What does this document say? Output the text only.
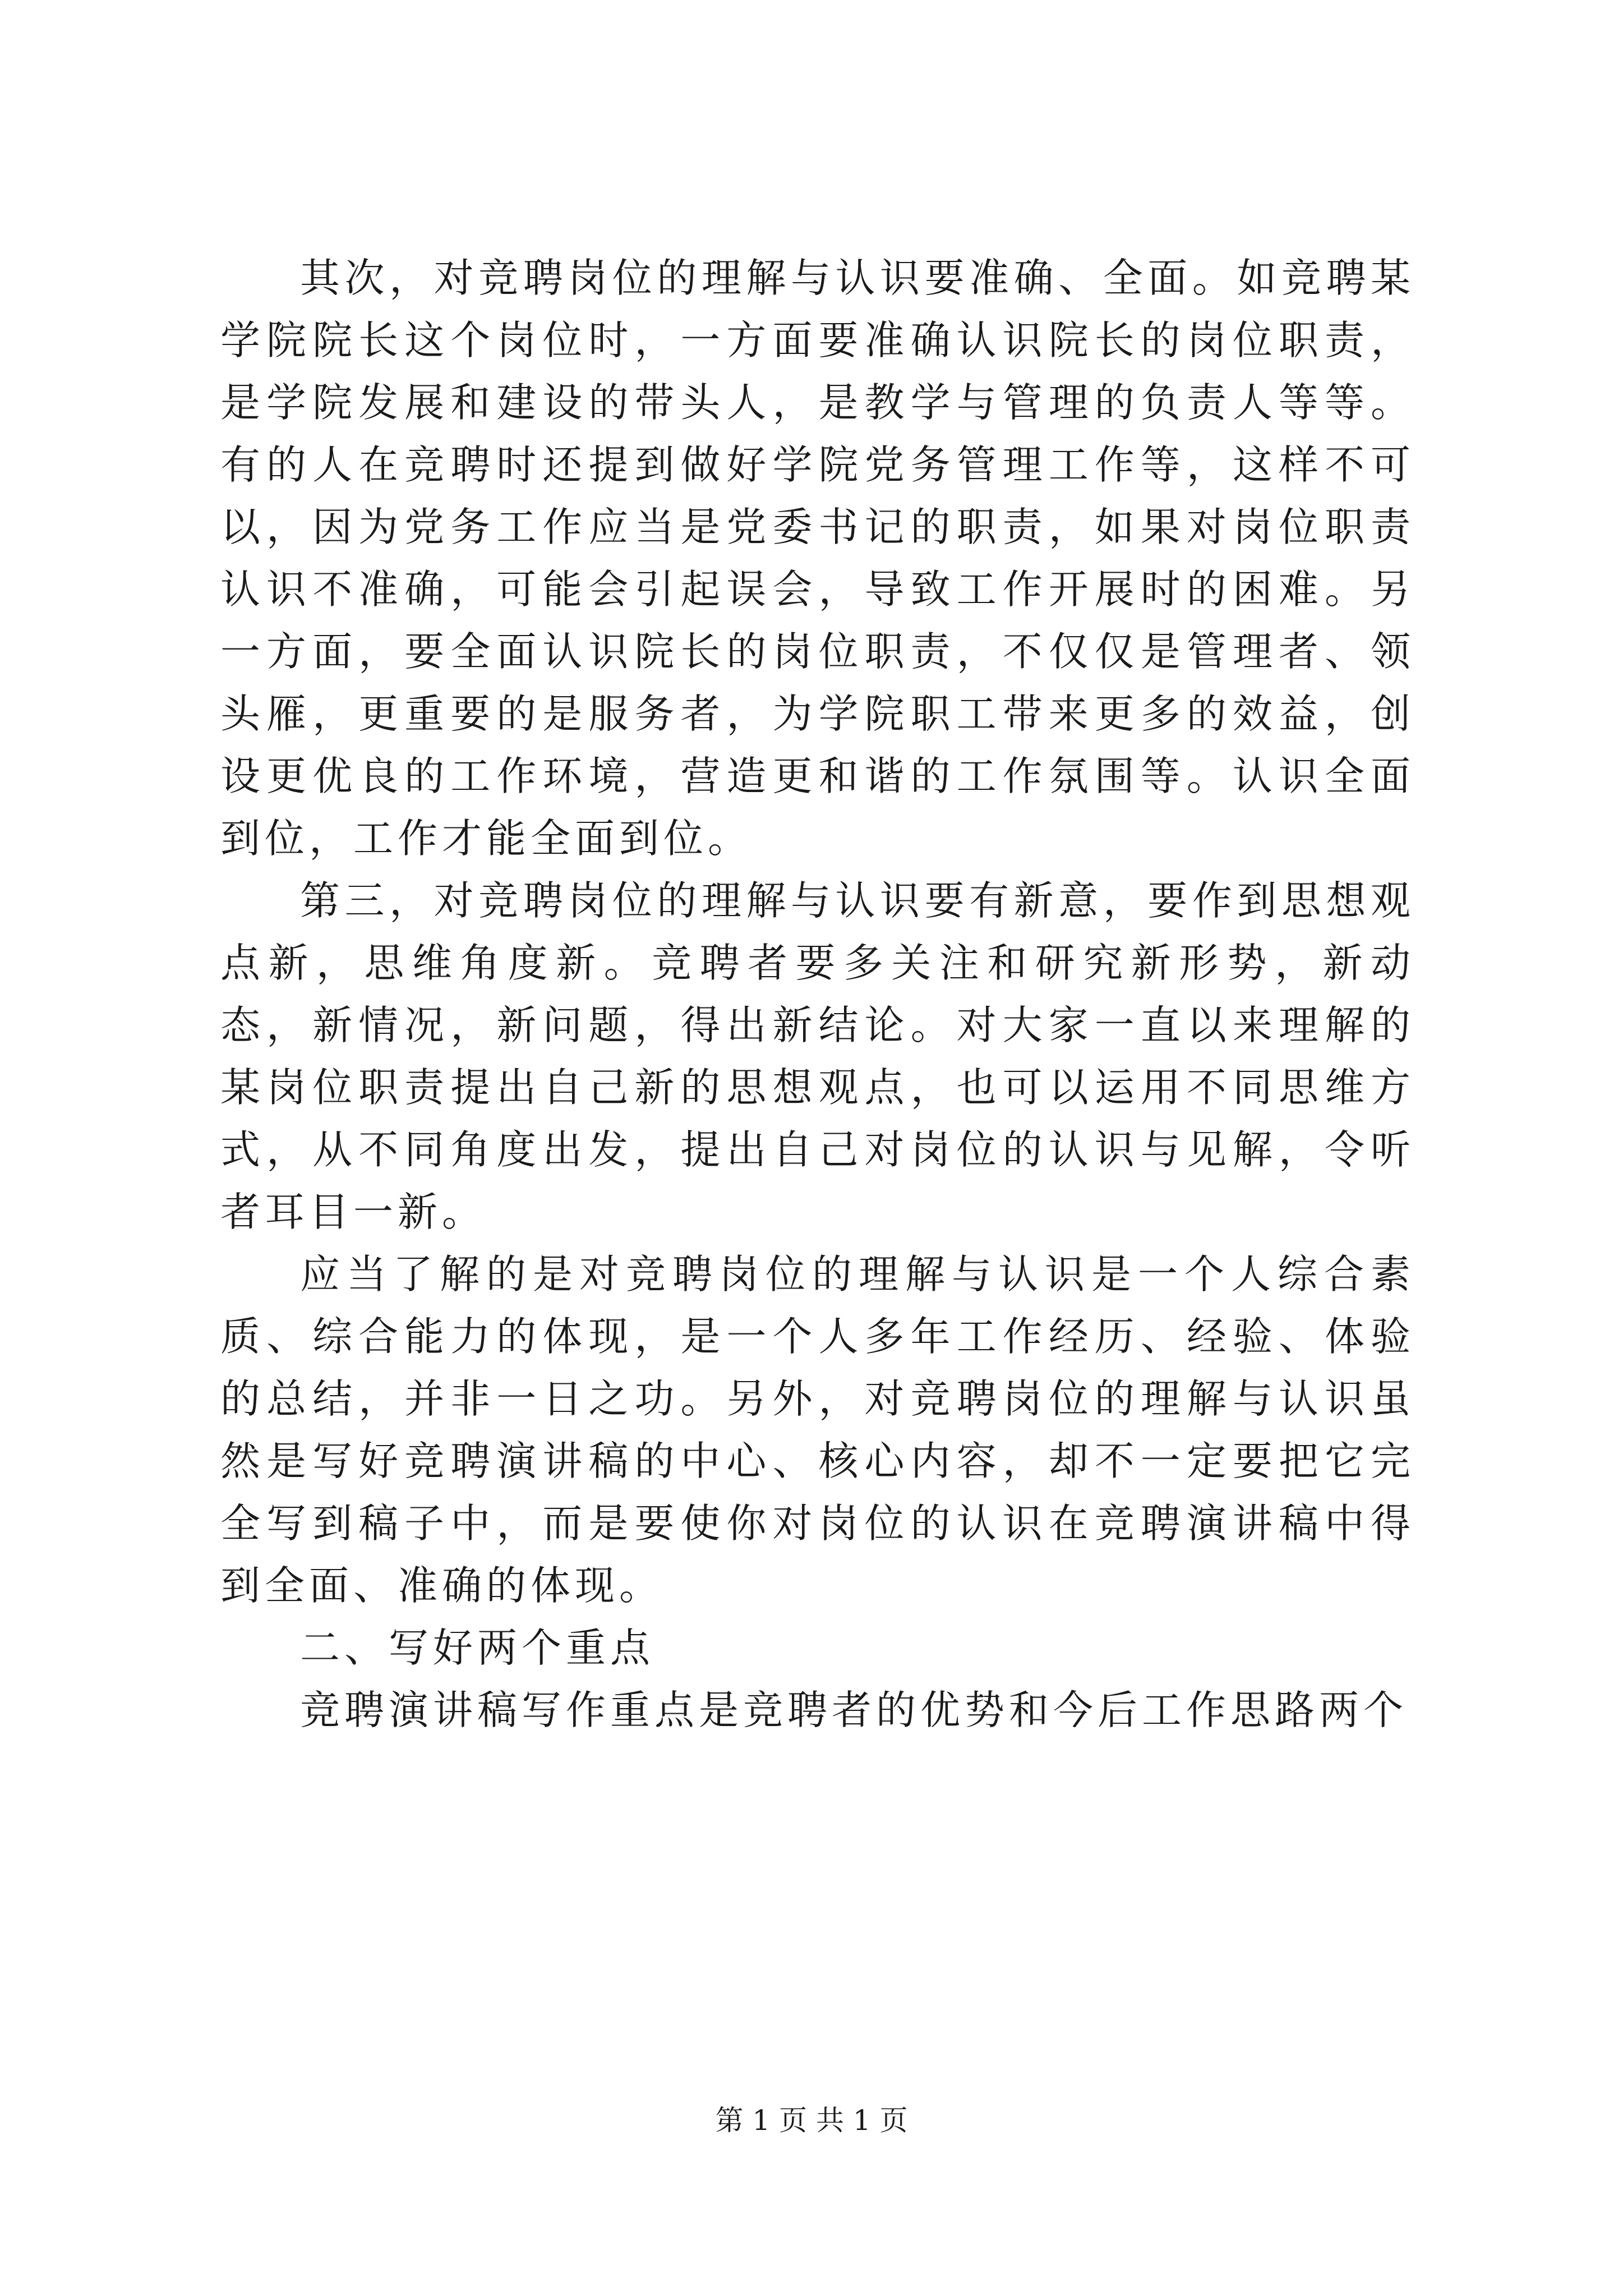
其次，对竞聘岗位的理解与认识要准确、全面。如竞聘某学院院长这个岗位时，一方面要准确认识院长的岗位职责，是学院发展和建设的带头人，是教学与管理的负责人等等。有的人在竞聘时还提到做好学院党务管理工作等，这样不可以，因为党务工作应当是党委书记的职责，如果对岗位职责认识不准确，可能会引起误会，导致工作开展时的困难。另一方面，要全面认识院长的岗位职责，不仅仅是管理者、领头雁，更重要的是服务者，为学院职工带来更多的效益，创设更优良的工作环境，营造更和谐的工作氛围等。认识全面到位，工作才能全面到位。

第三，对竞聘岗位的理解与认识要有新意，要作到思想观点新，思维角度新。竞聘者要多关注和研究新形势，新动态，新情况，新问题，得出新结论。对大家一直以来理解的某岗位职责提出自己新的思想观点，也可以运用不同思维方式，从不同角度出发，提出自己对岗位的认识与见解，令听者耳目一新。

应当了解的是对竞聘岗位的理解与认识是一个人综合素质、综合能力的体现，是一个人多年工作经历、经验、体验的总结，并非一日之功。另外，对竞聘岗位的理解与认识虽然是写好竞聘演讲稿的中心、核心内容，却不一定要把它完全写到稿子中，而是要使你对岗位的认识在竞聘演讲稿中得到全面、准确的体现。

二、写好两个重点

竞聘演讲稿写作重点是竞聘者的优势和今后工作思路两个

第 1 页 共 1 页
